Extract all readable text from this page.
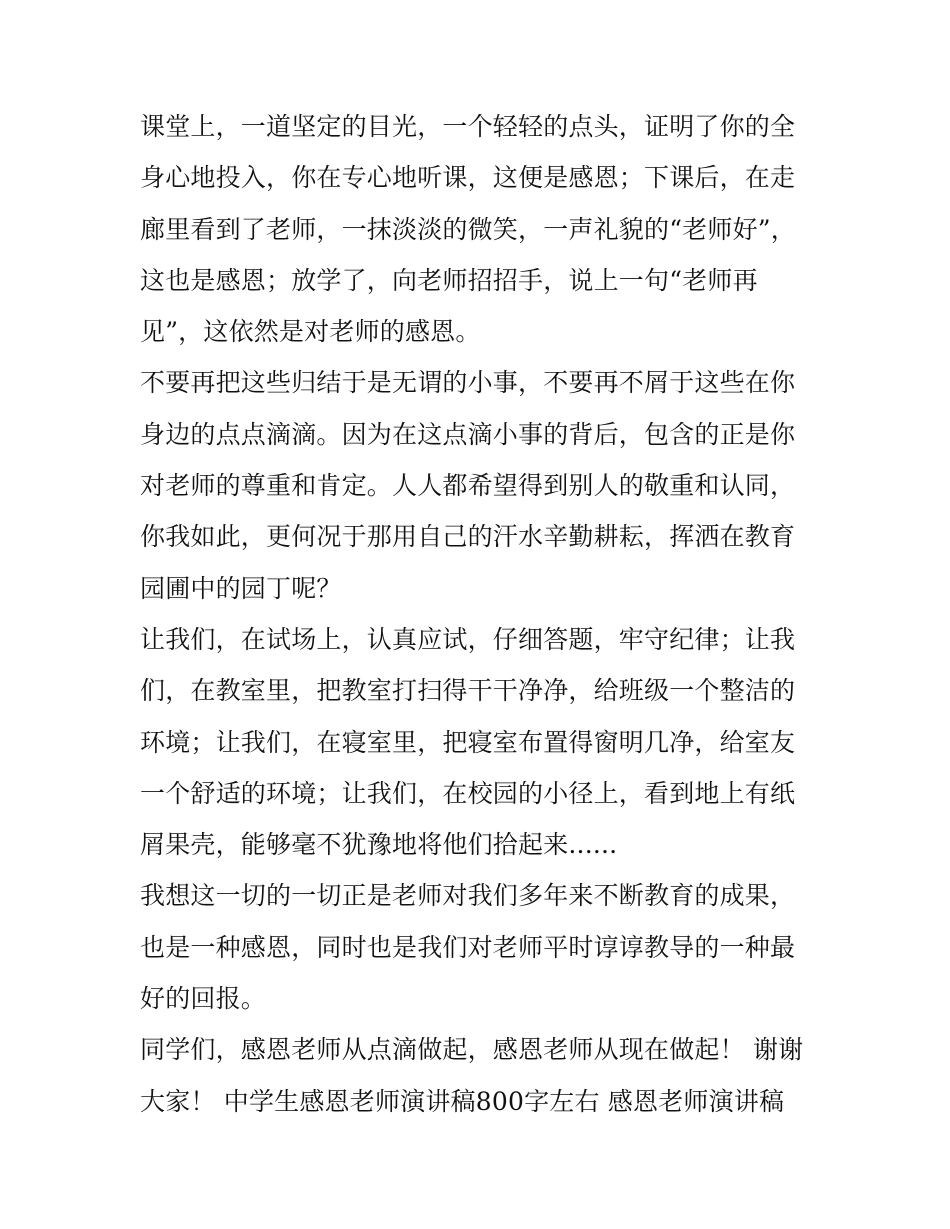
课堂上，一道坚定的目光，一个轻轻的点头，证明了你的全身心地投入，你在专心地听课，这便是感恩；下课后，在走廊里看到了老师，一抹淡淡的微笑，一声礼貌的“老师好”，这也是感恩；放学了，向老师招招手，说上一句“老师再见”，这依然是对老师的感恩。

不要再把这些归结于是无谓的小事，不要再不屑于这些在你身边的点点滴滴。因为在这点滴小事的背后，包含的正是你对老师的尊重和肯定。人人都希望得到别人的敬重和认同，你我如此，更何况于那用自己的汗水辛勤耕耘，挥洒在教育园圃中的园丁呢？

让我们，在试场上，认真应试，仔细答题，牢守纪律；让我们，在教室里，把教室打扫得干干净净，给班级一个整洁的环境；让我们，在寝室里，把寝室布置得窗明几净，给室友一个舒适的环境；让我们，在校园的小径上，看到地上有纸屑果壳，能够毫不犹豫地将他们拾起来......

我想这一切的一切正是老师对我们多年来不断教育的成果，也是一种感恩，同时也是我们对老师平时谆谆教导的一种最好的回报。

同学们，感恩老师从点滴做起，感恩老师从现在做起！ 谢谢大家！ 中学生感恩老师演讲稿800字左右 感恩老师演讲稿
